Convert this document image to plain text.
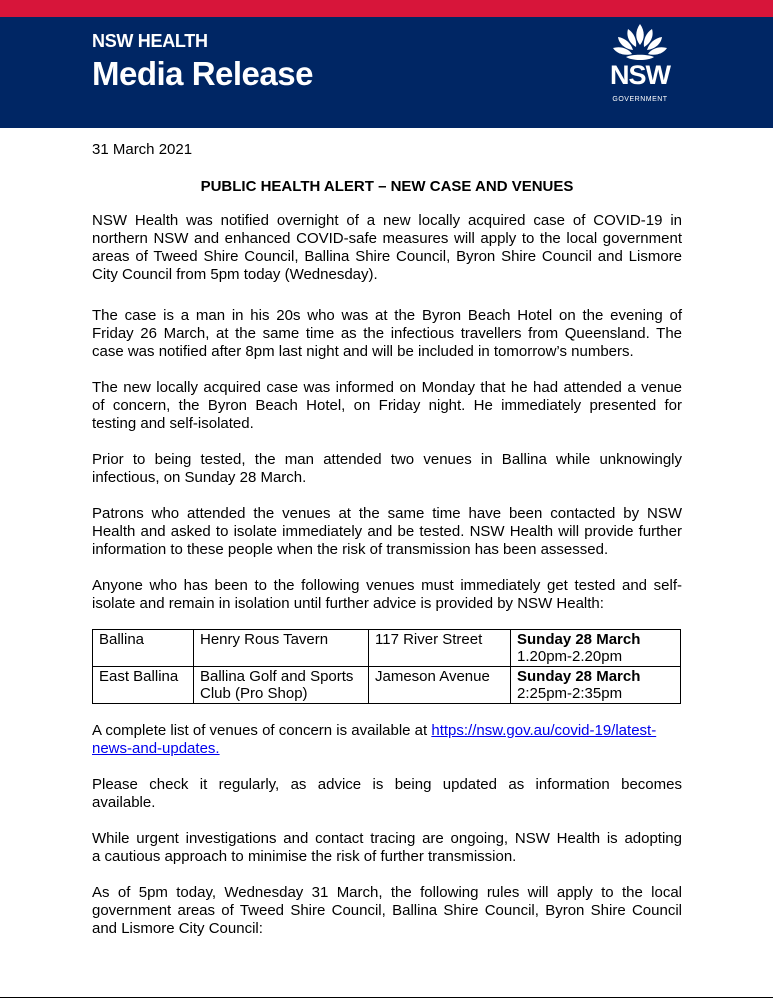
NSW HEALTH
Media Release	NSW
GOVERNMENT
31 March 2021
PUBLIC HEALTH ALERT – NEW CASE AND VENUES
NSW Health was notified overnight of a new locally acquired case of COVID-19 in
northern NSW and enhanced COVID-safe measures will apply to the local government
areas of Tweed Shire Council, Ballina Shire Council, Byron Shire Council and Lismore
City Council from 5pm today (Wednesday).
The case is a man in his 20s who was at the Byron Beach Hotel on the evening of
Friday 26 March, at the same time as the infectious travellers from Queensland. The
case was notified after 8pm last night and will be included in tomorrow’s numbers.
The new locally acquired case was informed on Monday that he had attended a venue
of concern, the Byron Beach Hotel, on Friday night. He immediately presented for
testing and self-isolated.
Prior to being tested, the man attended two venues in Ballina while unknowingly
infectious, on Sunday 28 March.
Patrons who attended the venues at the same time have been contacted by NSW
Health and asked to isolate immediately and be tested. NSW Health will provide further
information to these people when the risk of transmission has been assessed.
Anyone who has been to the following venues must immediately get tested and self-
isolate and remain in isolation until further advice is provided by NSW Health:
Ballina	Henry Rous Tavern	117 River Street	Sunday 28 March
1.20pm-2.20pm

East Ballina	Ballina Golf and Sports Club (Pro Shop)	Jameson Avenue	Sunday 28 March
2:25pm-2:35pm
A complete list of venues of concern is available at https://nsw.gov.au/covid-19/latest-
news-and-updates.
Please check it regularly, as advice is being updated as information becomes
available.
While urgent investigations and contact tracing are ongoing, NSW Health is adopting
a cautious approach to minimise the risk of further transmission.
As of 5pm today, Wednesday 31 March, the following rules will apply to the local
government areas of Tweed Shire Council, Ballina Shire Council, Byron Shire Council
and Lismore City Council:
